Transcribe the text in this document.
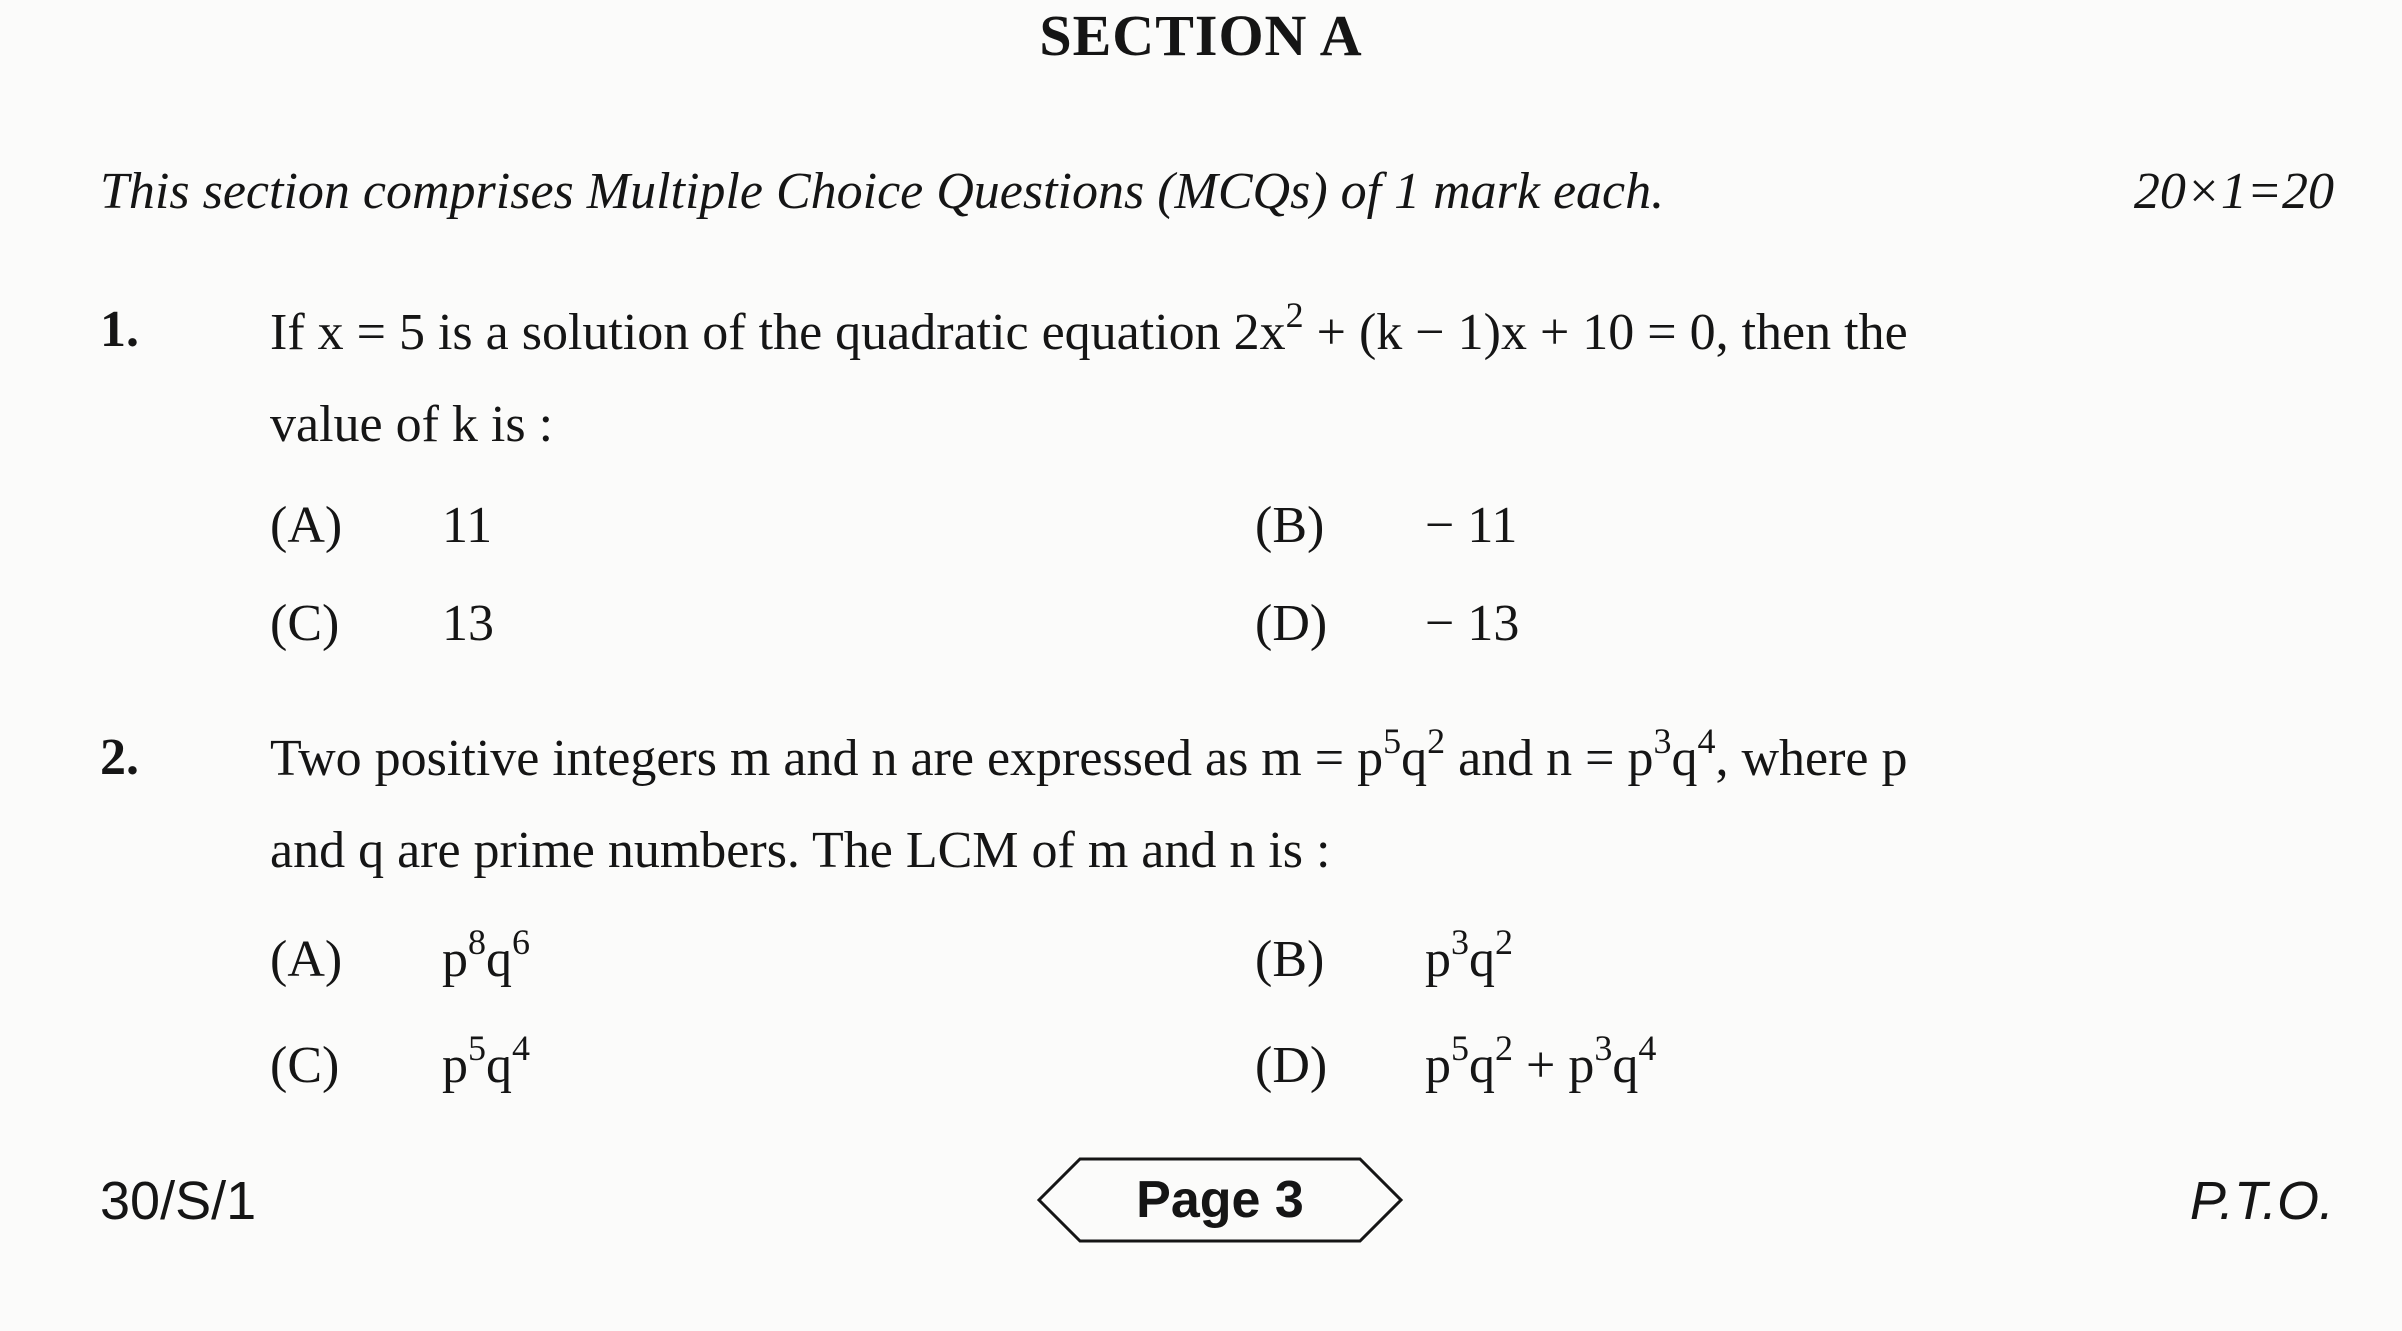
SECTION A
This section comprises Multiple Choice Questions (MCQs) of 1 mark each.	20×1=20
1.	If x = 5 is a solution of the quadratic equation $2x^2 + (k - 1)x + 10 = 0$, then the
value of k is :
(A) 11	(B) − 11
(C) 13	(D) − 13
2.	Two positive integers m and n are expressed as $m = p^5q^2$ and $n = p^3q^4$, where p
and q are prime numbers. The LCM of m and n is :
(A) $p^8q^6$	(B) $p^3q^2$
(C) $p^5q^4$	(D) $p^5q^2 + p^3q^4$
30/S/1	Page 3	P.T.O.
